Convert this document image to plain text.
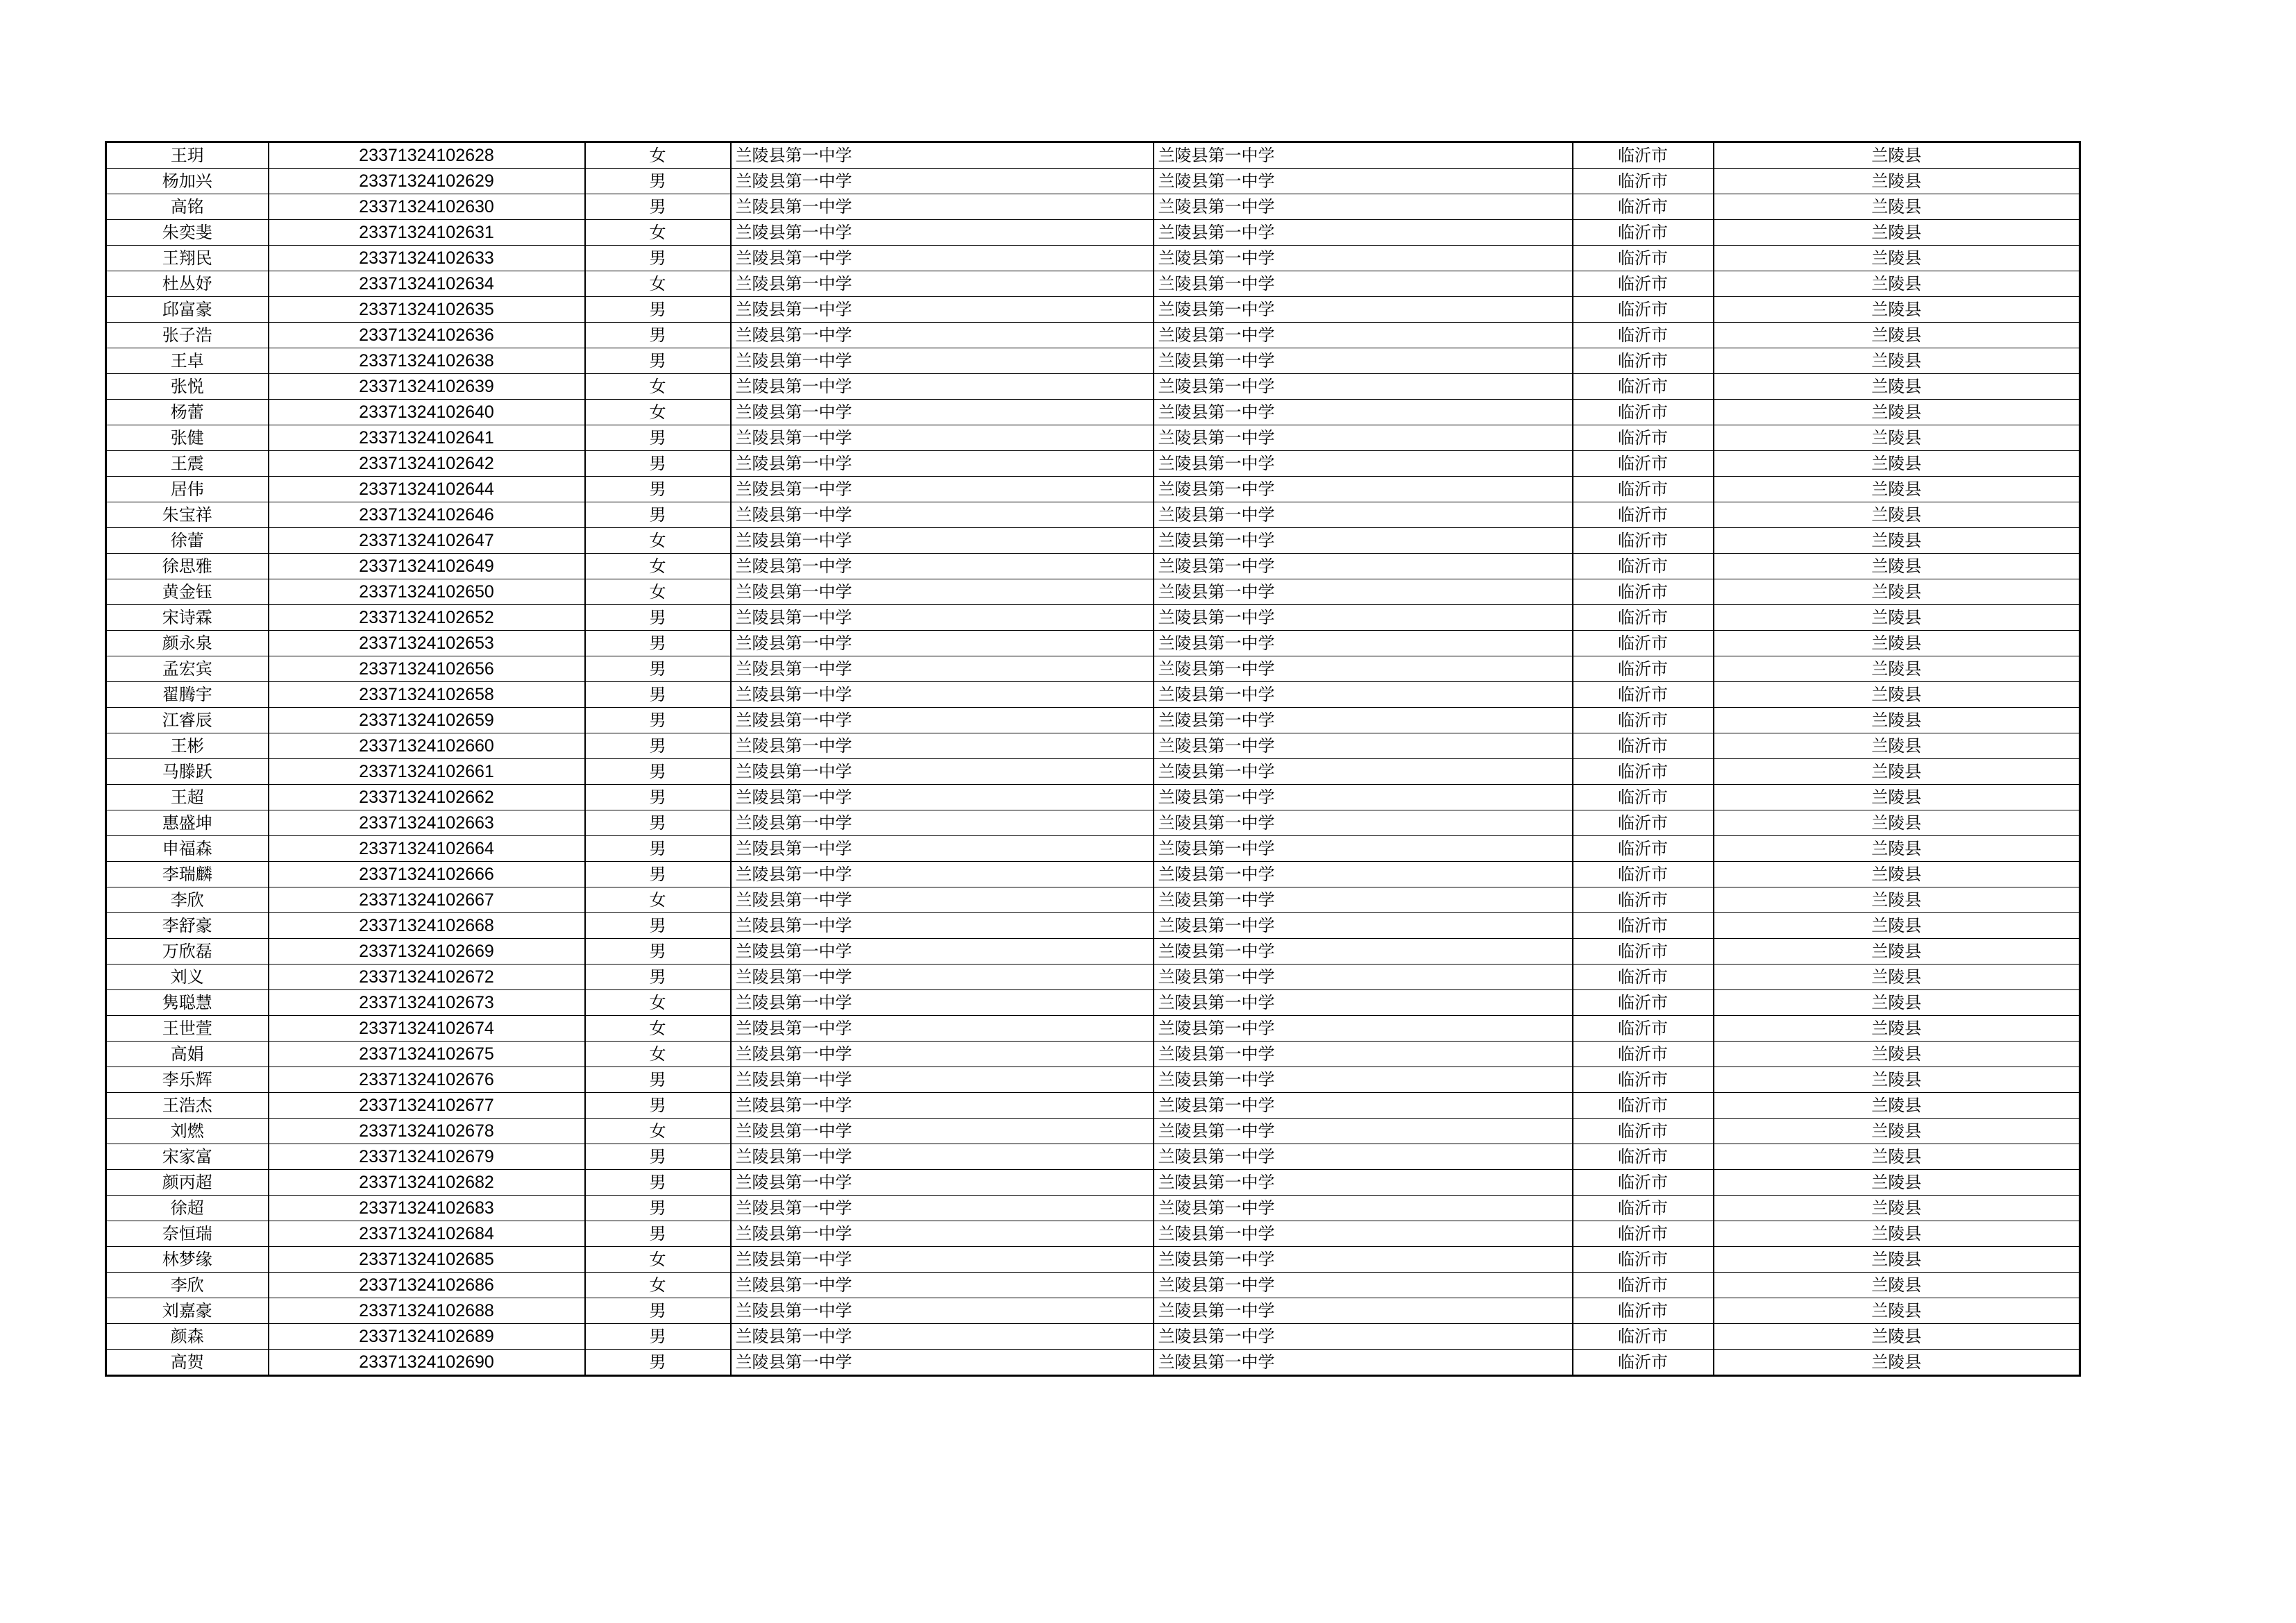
王玥	23371324102628	女	兰陵县第一中学	兰陵县第一中学	临沂市	兰陵县
杨加兴	23371324102629	男	兰陵县第一中学	兰陵县第一中学	临沂市	兰陵县
高铭	23371324102630	男	兰陵县第一中学	兰陵县第一中学	临沂市	兰陵县
朱奕斐	23371324102631	女	兰陵县第一中学	兰陵县第一中学	临沂市	兰陵县
王翔民	23371324102633	男	兰陵县第一中学	兰陵县第一中学	临沂市	兰陵县
杜丛妤	23371324102634	女	兰陵县第一中学	兰陵县第一中学	临沂市	兰陵县
邱富豪	23371324102635	男	兰陵县第一中学	兰陵县第一中学	临沂市	兰陵县
张子浩	23371324102636	男	兰陵县第一中学	兰陵县第一中学	临沂市	兰陵县
王卓	23371324102638	男	兰陵县第一中学	兰陵县第一中学	临沂市	兰陵县
张悦	23371324102639	女	兰陵县第一中学	兰陵县第一中学	临沂市	兰陵县
杨蕾	23371324102640	女	兰陵县第一中学	兰陵县第一中学	临沂市	兰陵县
张健	23371324102641	男	兰陵县第一中学	兰陵县第一中学	临沂市	兰陵县
王震	23371324102642	男	兰陵县第一中学	兰陵县第一中学	临沂市	兰陵县
居伟	23371324102644	男	兰陵县第一中学	兰陵县第一中学	临沂市	兰陵县
朱宝祥	23371324102646	男	兰陵县第一中学	兰陵县第一中学	临沂市	兰陵县
徐蕾	23371324102647	女	兰陵县第一中学	兰陵县第一中学	临沂市	兰陵县
徐思雅	23371324102649	女	兰陵县第一中学	兰陵县第一中学	临沂市	兰陵县
黄金钰	23371324102650	女	兰陵县第一中学	兰陵县第一中学	临沂市	兰陵县
宋诗霖	23371324102652	男	兰陵县第一中学	兰陵县第一中学	临沂市	兰陵县
颜永泉	23371324102653	男	兰陵县第一中学	兰陵县第一中学	临沂市	兰陵县
孟宏宾	23371324102656	男	兰陵县第一中学	兰陵县第一中学	临沂市	兰陵县
翟腾宇	23371324102658	男	兰陵县第一中学	兰陵县第一中学	临沂市	兰陵县
江睿辰	23371324102659	男	兰陵县第一中学	兰陵县第一中学	临沂市	兰陵县
王彬	23371324102660	男	兰陵县第一中学	兰陵县第一中学	临沂市	兰陵县
马滕跃	23371324102661	男	兰陵县第一中学	兰陵县第一中学	临沂市	兰陵县
王超	23371324102662	男	兰陵县第一中学	兰陵县第一中学	临沂市	兰陵县
惠盛坤	23371324102663	男	兰陵县第一中学	兰陵县第一中学	临沂市	兰陵县
申福森	23371324102664	男	兰陵县第一中学	兰陵县第一中学	临沂市	兰陵县
李瑞麟	23371324102666	男	兰陵县第一中学	兰陵县第一中学	临沂市	兰陵县
李欣	23371324102667	女	兰陵县第一中学	兰陵县第一中学	临沂市	兰陵县
李舒豪	23371324102668	男	兰陵县第一中学	兰陵县第一中学	临沂市	兰陵县
万欣磊	23371324102669	男	兰陵县第一中学	兰陵县第一中学	临沂市	兰陵县
刘义	23371324102672	男	兰陵县第一中学	兰陵县第一中学	临沂市	兰陵县
隽聪慧	23371324102673	女	兰陵县第一中学	兰陵县第一中学	临沂市	兰陵县
王世萱	23371324102674	女	兰陵县第一中学	兰陵县第一中学	临沂市	兰陵县
高娟	23371324102675	女	兰陵县第一中学	兰陵县第一中学	临沂市	兰陵县
李乐辉	23371324102676	男	兰陵县第一中学	兰陵县第一中学	临沂市	兰陵县
王浩杰	23371324102677	男	兰陵县第一中学	兰陵县第一中学	临沂市	兰陵县
刘燃	23371324102678	女	兰陵县第一中学	兰陵县第一中学	临沂市	兰陵县
宋家富	23371324102679	男	兰陵县第一中学	兰陵县第一中学	临沂市	兰陵县
颜丙超	23371324102682	男	兰陵县第一中学	兰陵县第一中学	临沂市	兰陵县
徐超	23371324102683	男	兰陵县第一中学	兰陵县第一中学	临沂市	兰陵县
奈恒瑞	23371324102684	男	兰陵县第一中学	兰陵县第一中学	临沂市	兰陵县
林梦缘	23371324102685	女	兰陵县第一中学	兰陵县第一中学	临沂市	兰陵县
李欣	23371324102686	女	兰陵县第一中学	兰陵县第一中学	临沂市	兰陵县
刘嘉豪	23371324102688	男	兰陵县第一中学	兰陵县第一中学	临沂市	兰陵县
颜森	23371324102689	男	兰陵县第一中学	兰陵县第一中学	临沂市	兰陵县
高贺	23371324102690	男	兰陵县第一中学	兰陵县第一中学	临沂市	兰陵县
